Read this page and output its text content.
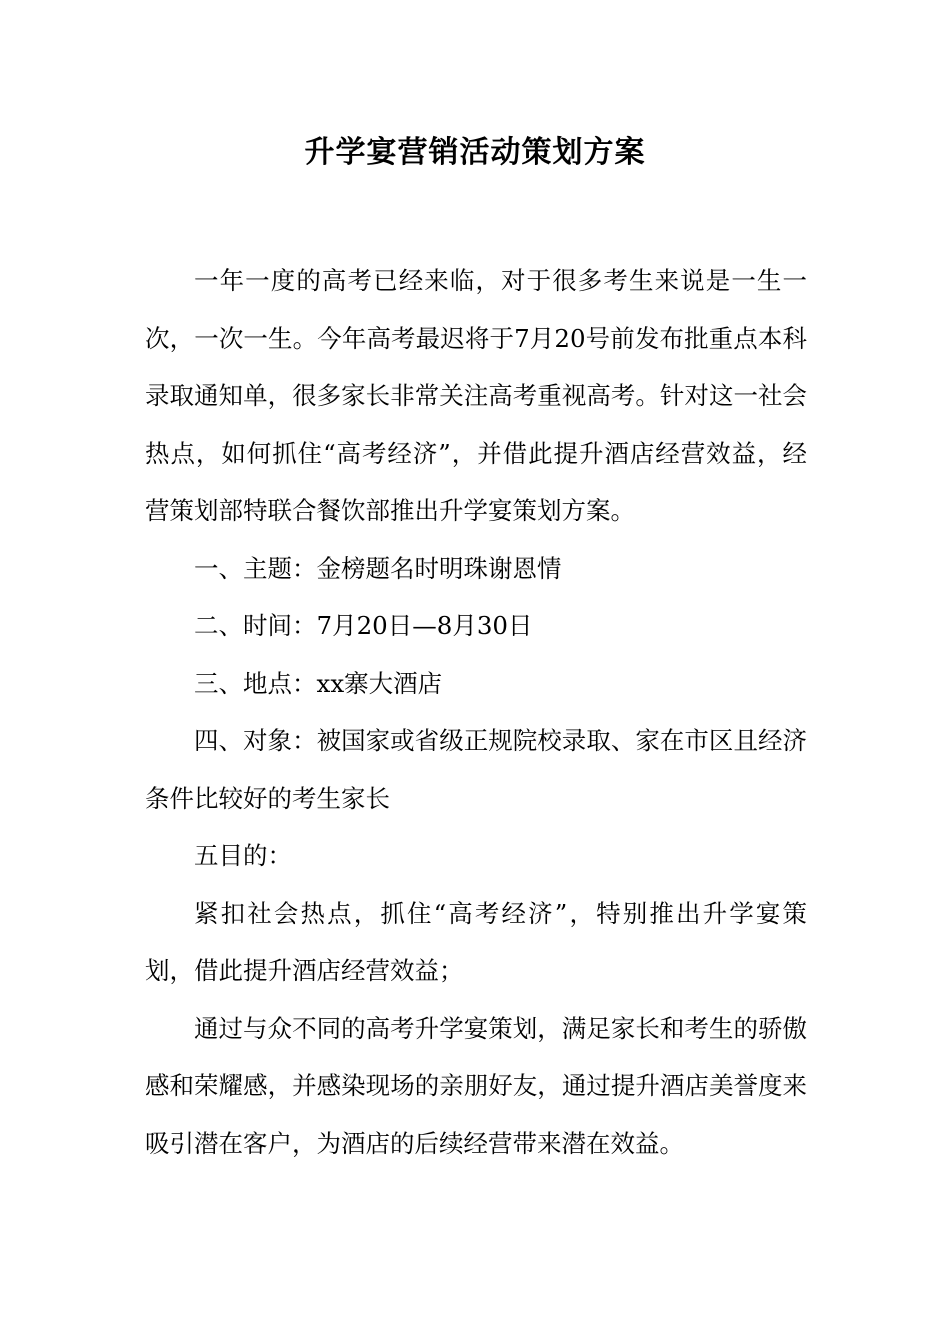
升学宴营销活动策划方案

一年一度的高考已经来临，对于很多考生来说是一生一次，一次一生。今年高考最迟将于7月20号前发布批重点本科录取通知单，很多家长非常关注高考重视高考。针对这一社会热点，如何抓住“高考经济”，并借此提升酒店经营效益，经营策划部特联合餐饮部推出升学宴策划方案。

一、主题：金榜题名时明珠谢恩情

二、时间：7月20日—8月30日

三、地点：xx寨大酒店

四、对象：被国家或省级正规院校录取、家在市区且经济条件比较好的考生家长

五目的：

紧扣社会热点，抓住“高考经济”，特别推出升学宴策划，借此提升酒店经营效益；

通过与众不同的高考升学宴策划，满足家长和考生的骄傲感和荣耀感，并感染现场的亲朋好友，通过提升酒店美誉度来吸引潜在客户，为酒店的后续经营带来潜在效益。
